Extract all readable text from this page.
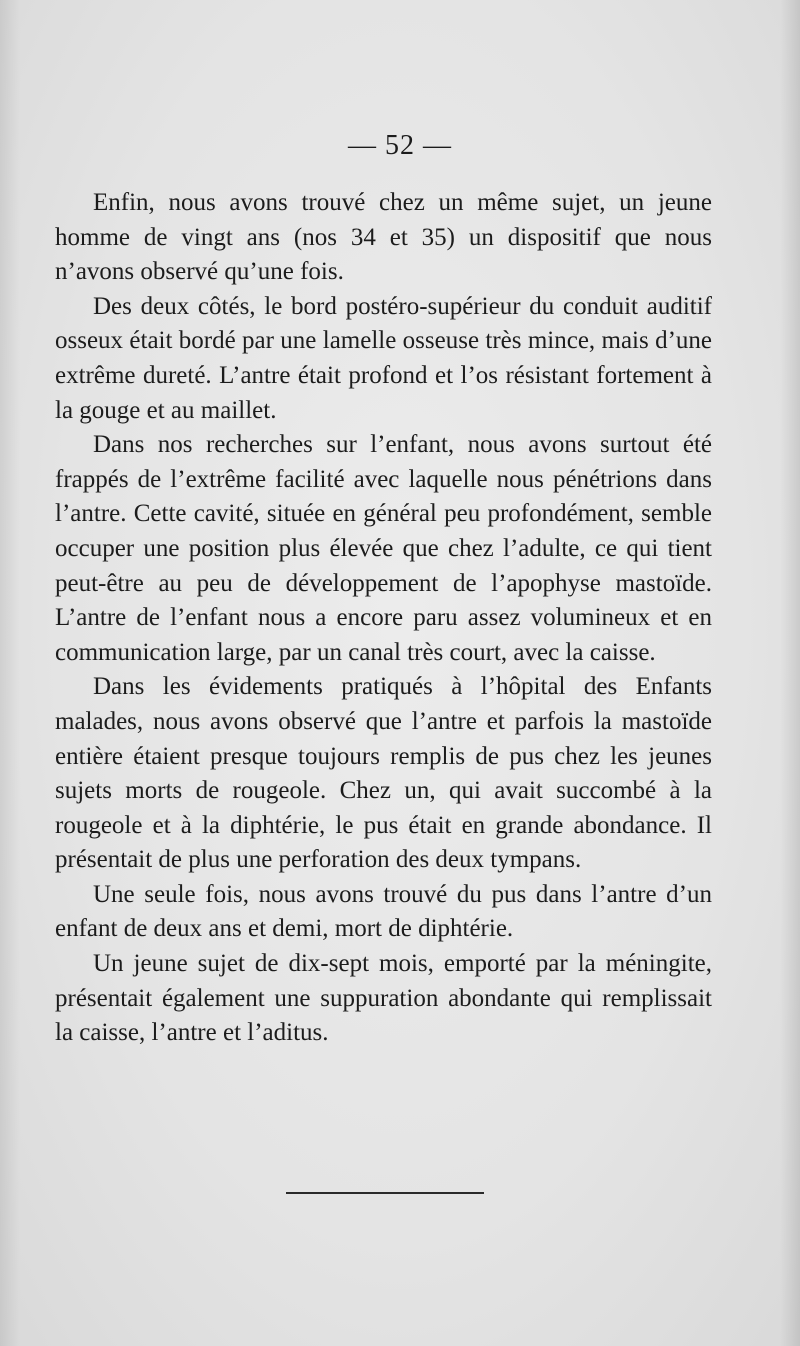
— 52 —

Enfin, nous avons trouvé chez un même sujet, un jeune homme de vingt ans (nos 34 et 35) un dispositif que nous n’avons observé qu’une fois.

Des deux côtés, le bord postéro-supérieur du conduit auditif osseux était bordé par une lamelle osseuse très mince, mais d’une extrême dureté. L’antre était profond et l’os résistant fortement à la gouge et au maillet.

Dans nos recherches sur l’enfant, nous avons surtout été frappés de l’extrême facilité avec laquelle nous pénétrions dans l’antre. Cette cavité, située en général peu profondément, semble occuper une position plus élevée que chez l’adulte, ce qui tient peut-être au peu de développement de l’apophyse mastoïde. L’antre de l’enfant nous a encore paru assez volumineux et en communication large, par un canal très court, avec la caisse.

Dans les évidements pratiqués à l’hôpital des Enfants malades, nous avons observé que l’antre et parfois la mastoïde entière étaient presque toujours remplis de pus chez les jeunes sujets morts de rougeole. Chez un, qui avait succombé à la rougeole et à la diphtérie, le pus était en grande abondance. Il présentait de plus une perforation des deux tympans.

Une seule fois, nous avons trouvé du pus dans l’antre d’un enfant de deux ans et demi, mort de diphtérie.

Un jeune sujet de dix-sept mois, emporté par la méningite, présentait également une suppuration abondante qui remplissait la caisse, l’antre et l’aditus.
